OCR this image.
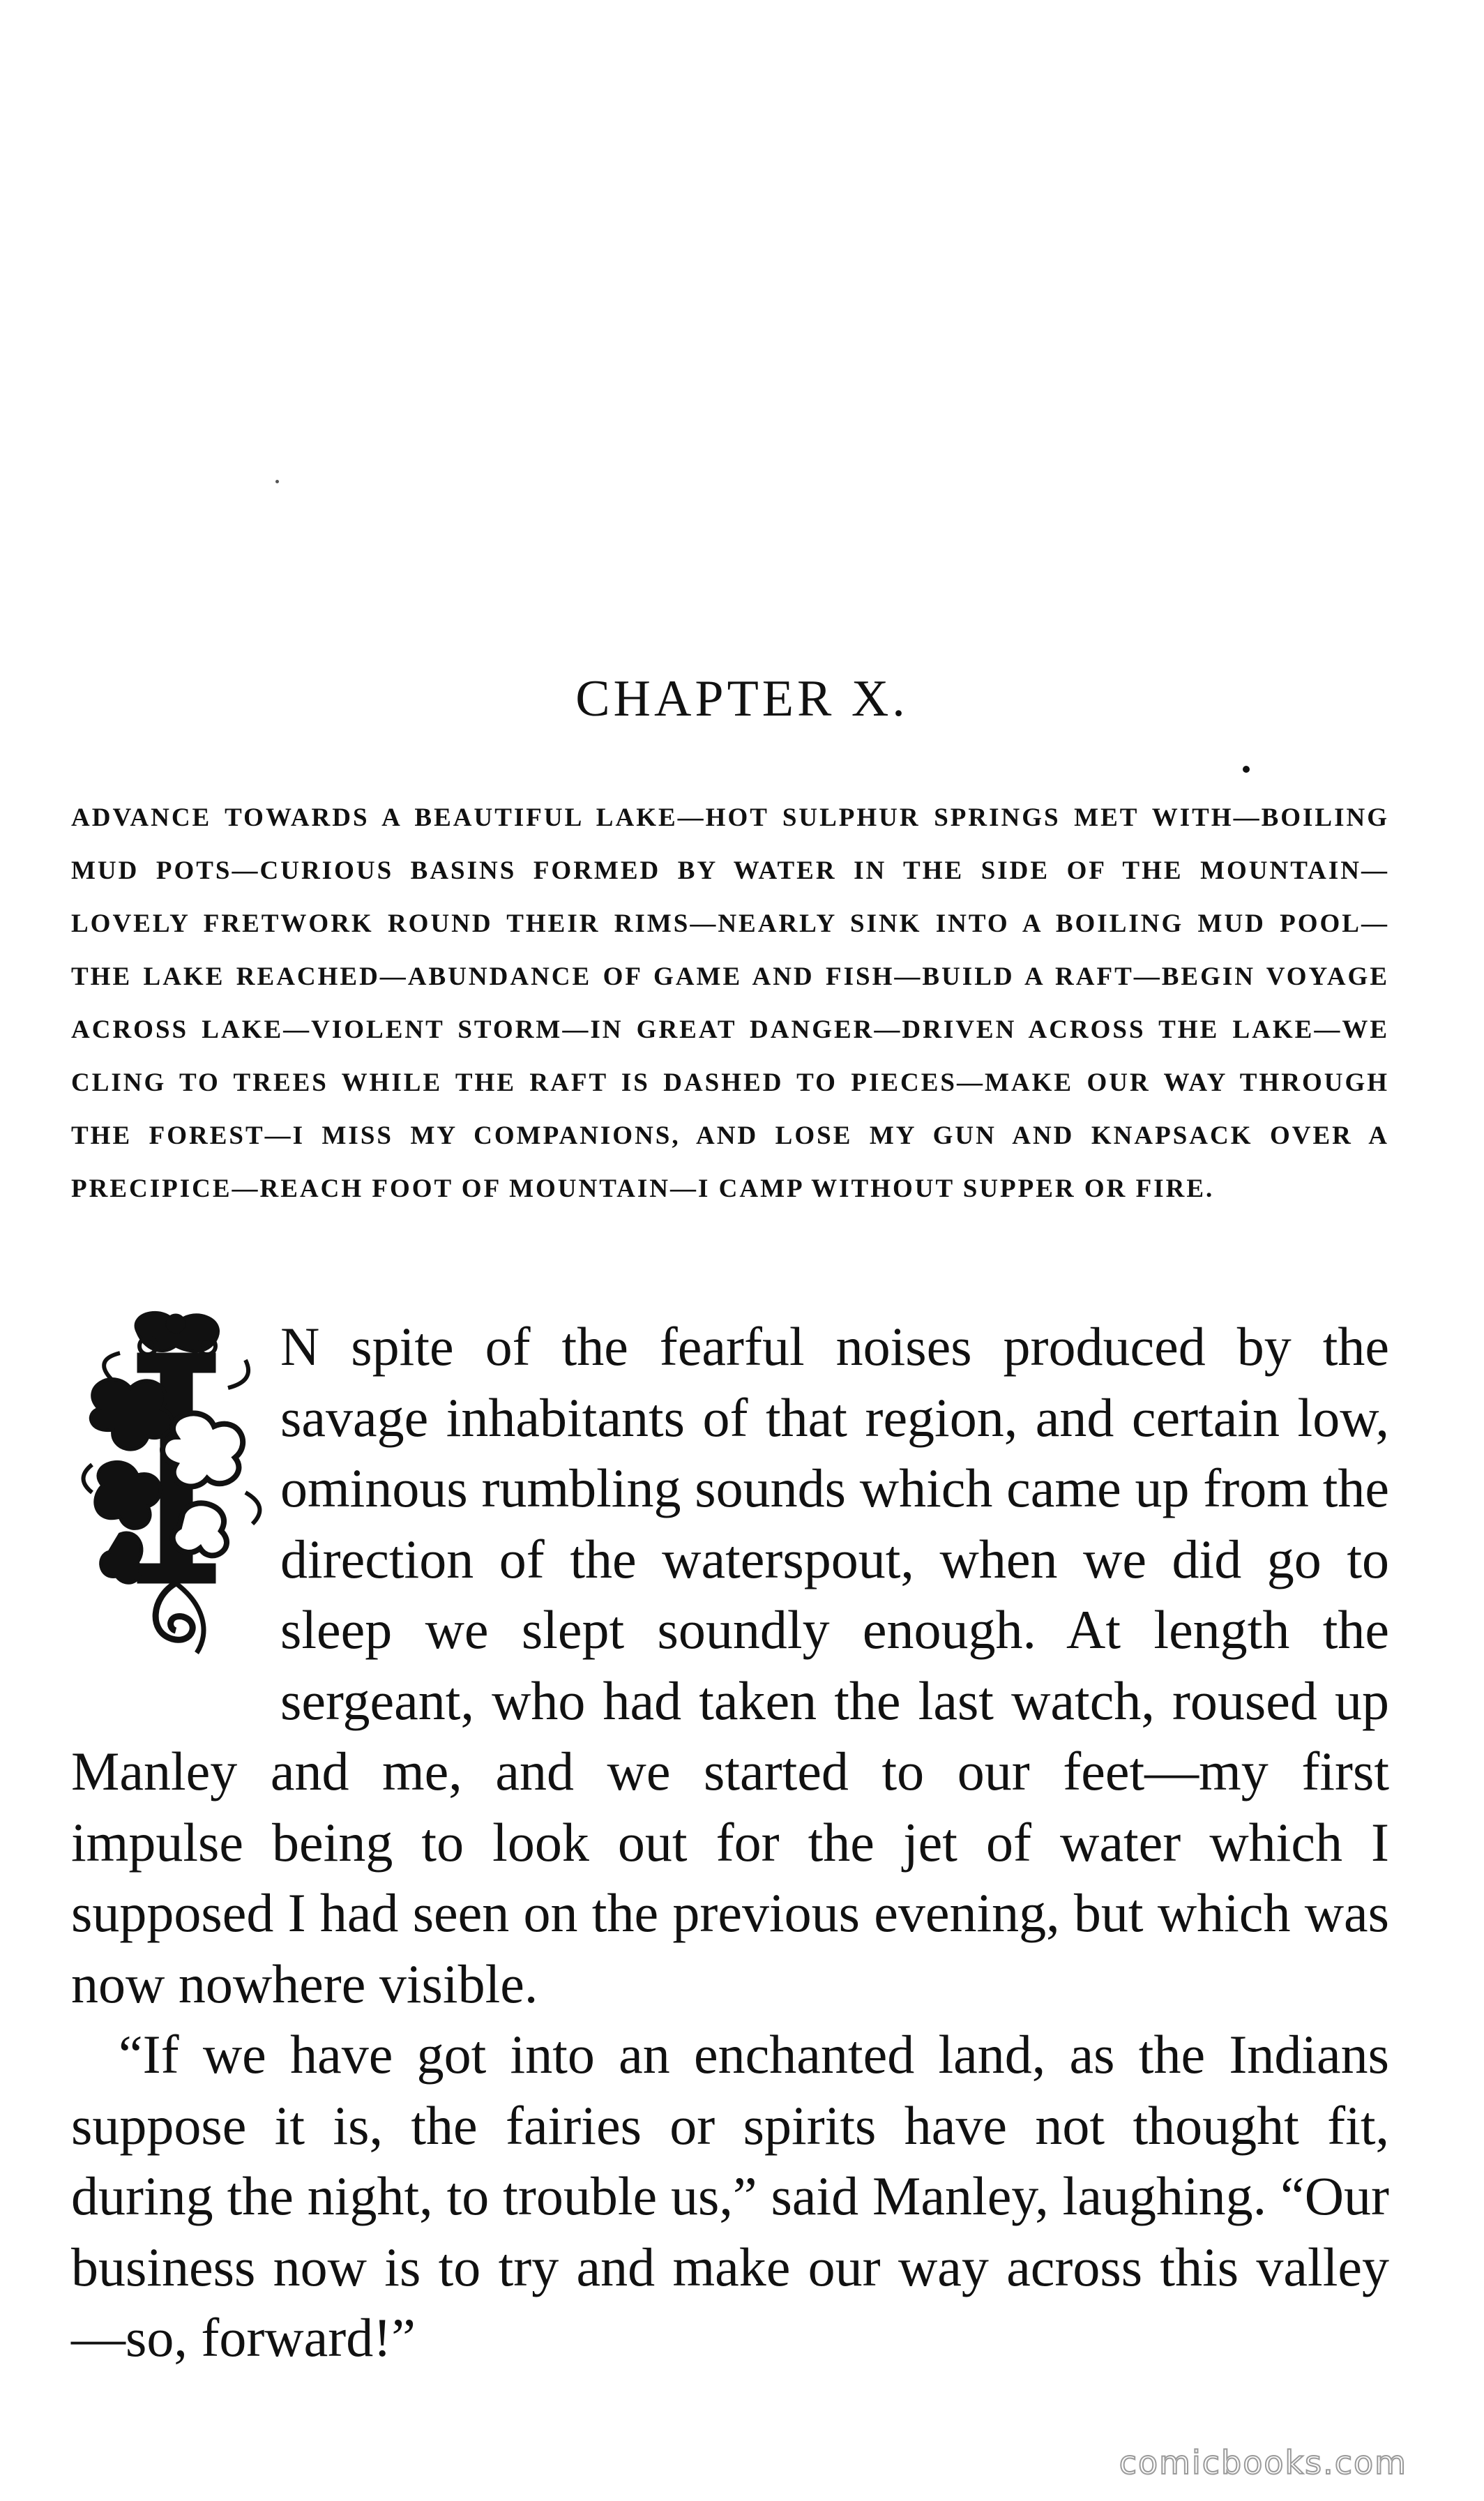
CHAPTER X.

ADVANCE TOWARDS A BEAUTIFUL LAKE—HOT SULPHUR SPRINGS MET WITH—BOILING MUD POTS—CURIOUS BASINS FORMED BY WATER IN THE SIDE OF THE MOUNTAIN—LOVELY FRETWORK ROUND THEIR RIMS—NEARLY SINK INTO A BOILING MUD POOL—THE LAKE REACHED—ABUNDANCE OF GAME AND FISH—BUILD A RAFT—BEGIN VOYAGE ACROSS LAKE—VIOLENT STORM—IN GREAT DANGER—DRIVEN ACROSS THE LAKE—WE CLING TO TREES WHILE THE RAFT IS DASHED TO PIECES—MAKE OUR WAY THROUGH THE FOREST—I MISS MY COMPANIONS, AND LOSE MY GUN AND KNAPSACK OVER A PRECIPICE—REACH FOOT OF MOUNTAIN—I CAMP WITHOUT SUPPER OR FIRE.

N spite of the fearful noises produced by the savage inhabitants of that region, and certain low, ominous rumbling sounds which came up from the direction of the waterspout, when we did go to sleep we slept soundly enough. At length the sergeant, who had taken the last watch, roused up Manley and me, and we started to our feet—my first impulse being to look out for the jet of water which I supposed I had seen on the previous evening, but which was now nowhere visible.

“If we have got into an enchanted land, as the Indians suppose it is, the fairies or spirits have not thought fit, during the night, to trouble us,” said Manley, laughing. “Our business now is to try and make our way across this valley—so, forward!”

comicbooks.com
